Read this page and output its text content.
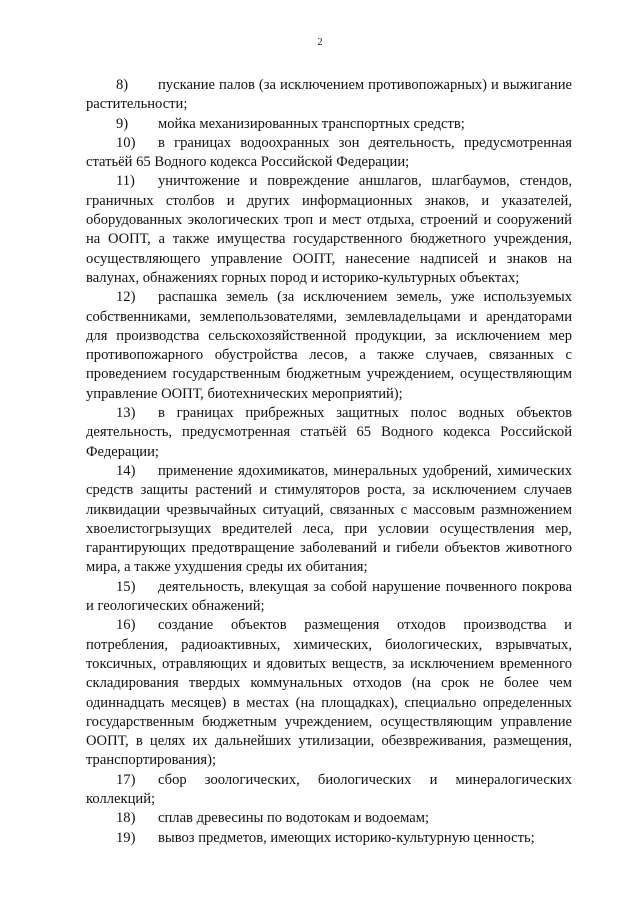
2

8) пускание палов (за исключением противопожарных) и выжигание растительности;

9) мойка механизированных транспортных средств;

10) в границах водоохранных зон деятельность, предусмотренная статьёй 65 Водного кодекса Российской Федерации;

11) уничтожение и повреждение аншлагов, шлагбаумов, стендов, граничных столбов и других информационных знаков, и указателей, оборудованных экологических троп и мест отдыха, строений и сооружений на ООПТ, а также имущества государственного бюджетного учреждения, осуществляющего управление ООПТ, нанесение надписей и знаков на валунах, обнажениях горных пород и историко-культурных объектах;

12) распашка земель (за исключением земель, уже используемых собственниками, землепользователями, землевладельцами и арендаторами для производства сельскохозяйственной продукции, за исключением мер противопожарного обустройства лесов, а также случаев, связанных с проведением государственным бюджетным учреждением, осуществляющим управление ООПТ, биотехнических мероприятий);

13) в границах прибрежных защитных полос водных объектов деятельность, предусмотренная статьёй 65 Водного кодекса Российской Федерации;

14) применение ядохимикатов, минеральных удобрений, химических средств защиты растений и стимуляторов роста, за исключением случаев ликвидации чрезвычайных ситуаций, связанных с массовым размножением хвоелистогрызущих вредителей леса, при условии осуществления мер, гарантирующих предотвращение заболеваний и гибели объектов животного мира, а также ухудшения среды их обитания;

15) деятельность, влекущая за собой нарушение почвенного покрова и геологических обнажений;

16) создание объектов размещения отходов производства и потребления, радиоактивных, химических, биологических, взрывчатых, токсичных, отравляющих и ядовитых веществ, за исключением временного складирования твердых коммунальных отходов (на срок не более чем одиннадцать месяцев) в местах (на площадках), специально определенных государственным бюджетным учреждением, осуществляющим управление ООПТ, в целях их дальнейших утилизации, обезвреживания, размещения, транспортирования);

17) сбор зоологических, биологических и минералогических коллекций;

18) сплав древесины по водотокам и водоемам;

19) вывоз предметов, имеющих историко-культурную ценность;
